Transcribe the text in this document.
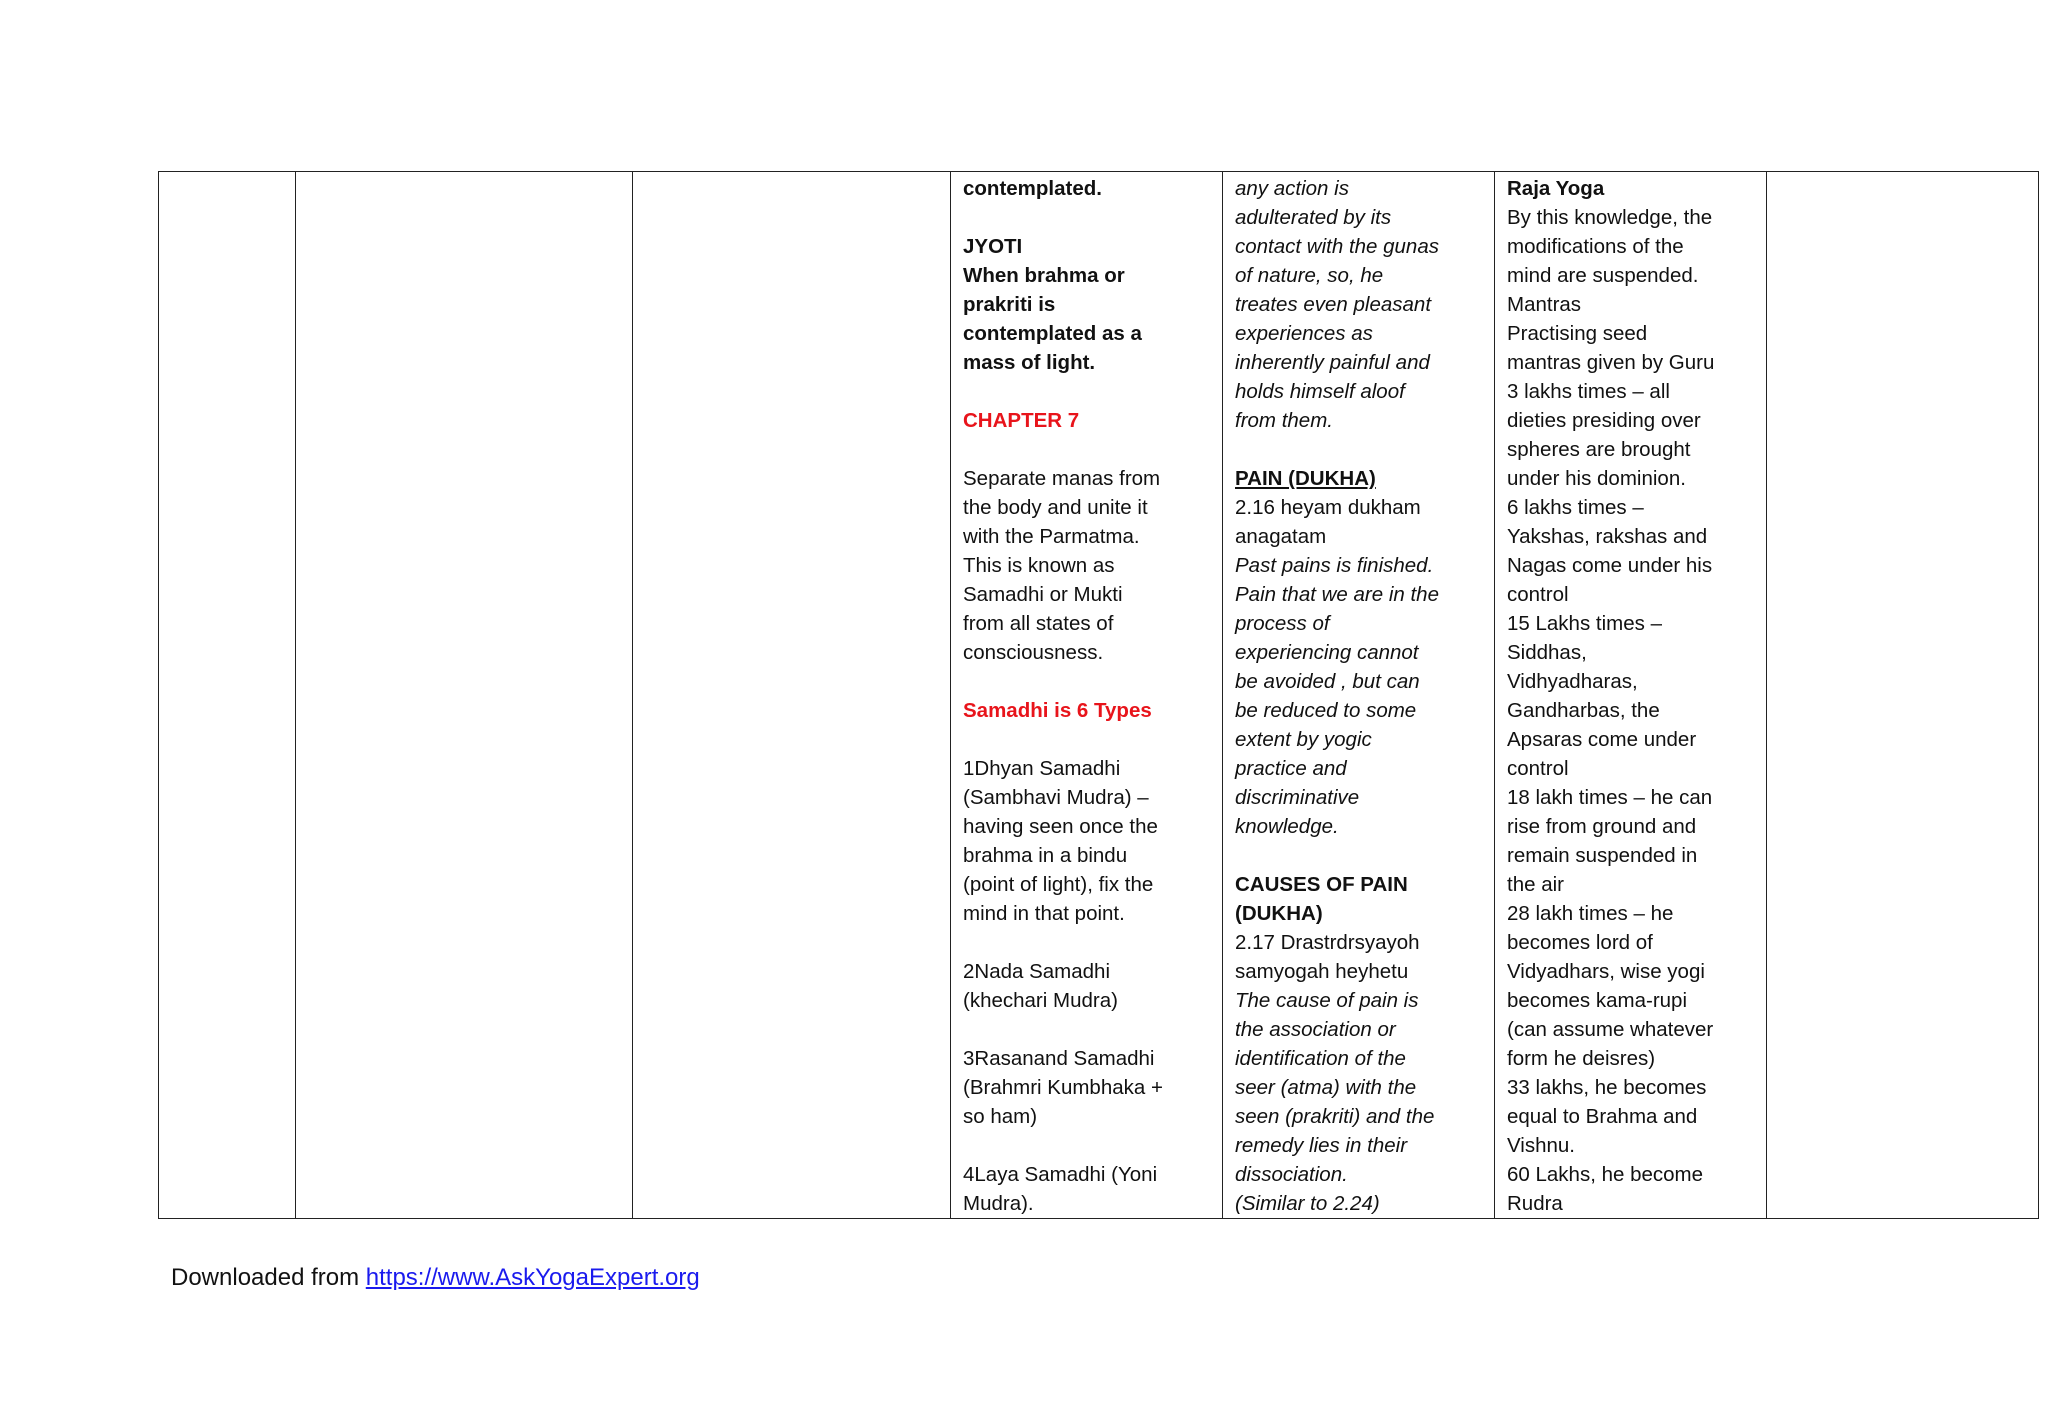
contemplated.
JYOTI
When brahma or
prakriti is
contemplated as a
mass of light.
CHAPTER 7
Separate manas from
the body and unite it
with the Parmatma.
This is known as
Samadhi or Mukti
from all states of
consciousness.
Samadhi is 6 Types
1Dhyan Samadhi
(Sambhavi Mudra) –
having seen once the
brahma in a bindu
(point of light), fix the
mind in that point.
2Nada Samadhi
(khechari Mudra)
3Rasanand Samadhi
(Brahmri Kumbhaka +
so ham)
4Laya Samadhi (Yoni
Mudra).

any action is
adulterated by its
contact with the gunas
of nature, so, he
treates even pleasant
experiences as
inherently painful and
holds himself aloof
from them.
PAIN (DUKHA)
2.16 heyam dukham
anagatam
Past pains is finished.
Pain that we are in the
process of
experiencing cannot
be avoided , but can
be reduced to some
extent by yogic
practice and
discriminative
knowledge.
CAUSES OF PAIN
(DUKHA)
2.17 Drastrdrsyayoh
samyogah heyhetu
The cause of pain is
the association or
identification of the
seer (atma) with the
seen (prakriti) and the
remedy lies in their
dissociation.
(Similar to 2.24)

Raja Yoga
By this knowledge, the
modifications of the
mind are suspended.
Mantras
Practising seed
mantras given by Guru
3 lakhs times – all
dieties presiding over
spheres are brought
under his dominion.
6 lakhs times –
Yakshas, rakshas and
Nagas come under his
control
15 Lakhs times –
Siddhas,
Vidhyadharas,
Gandharbas, the
Apsaras come under
control
18 lakh times – he can
rise from ground and
remain suspended in
the air
28 lakh times – he
becomes lord of
Vidyadhars, wise yogi
becomes kama-rupi
(can assume whatever
form he deisres)
33 lakhs, he becomes
equal to Brahma and
Vishnu.
60 Lakhs, he become
Rudra

Downloaded from https://www.AskYogaExpert.org
